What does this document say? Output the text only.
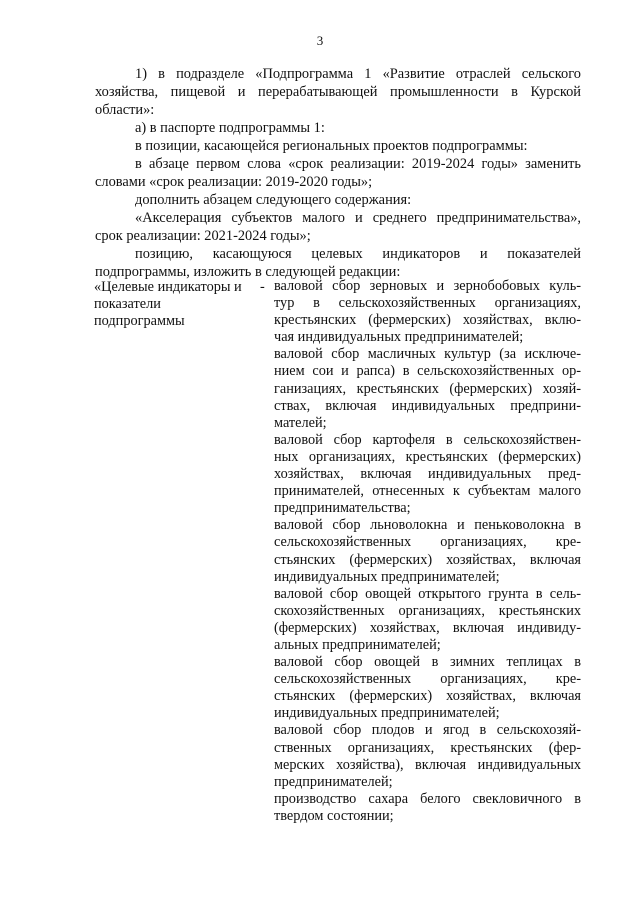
3
1) в подразделе «Подпрограмма 1 «Развитие отраслей сельского
хозяйства, пищевой и перерабатывающей промышленности в Курской
области»:
а) в паспорте подпрограммы 1:
в позиции, касающейся региональных проектов подпрограммы:
в абзаце первом слова «срок реализации: 2019-2024 годы» заменить
словами «срок реализации: 2019-2020 годы»;
дополнить абзацем следующего содержания:
«Акселерация субъектов малого и среднего предпринимательства»,
срок реализации: 2021-2024 годы»;
позицию, касающуюся целевых индикаторов и показателей
подпрограммы, изложить в следующей редакции:
«Целевые индикаторы и
показатели
подпрограммы
- валовой сбор зерновых и зернобобовых куль-
тур в сельскохозяйственных организациях,
крестьянских (фермерских) хозяйствах, вклю-
чая индивидуальных предпринимателей;
валовой сбор масличных культур (за исключе-
нием сои и рапса) в сельскохозяйственных ор-
ганизациях, крестьянских (фермерских) хозяй-
ствах, включая индивидуальных предприни-
мателей;
валовой сбор картофеля в сельскохозяйствен-
ных организациях, крестьянских (фермерских)
хозяйствах, включая индивидуальных пред-
принимателей, отнесенных к субъектам малого
предпринимательства;
валовой сбор льноволокна и пеньковолокна в
сельскохозяйственных организациях, кре-
стьянских (фермерских) хозяйствах, включая
индивидуальных предпринимателей;
валовой сбор овощей открытого грунта в сель-
скохозяйственных организациях, крестьянских
(фермерских) хозяйствах, включая индивиду-
альных предпринимателей;
валовой сбор овощей в зимних теплицах в
сельскохозяйственных организациях, кре-
стьянских (фермерских) хозяйствах, включая
индивидуальных предпринимателей;
валовой сбор плодов и ягод в сельскохозяй-
ственных организациях, крестьянских (фер-
мерских хозяйства), включая индивидуальных
предпринимателей;
производство сахара белого свекловичного в
твердом состоянии;
